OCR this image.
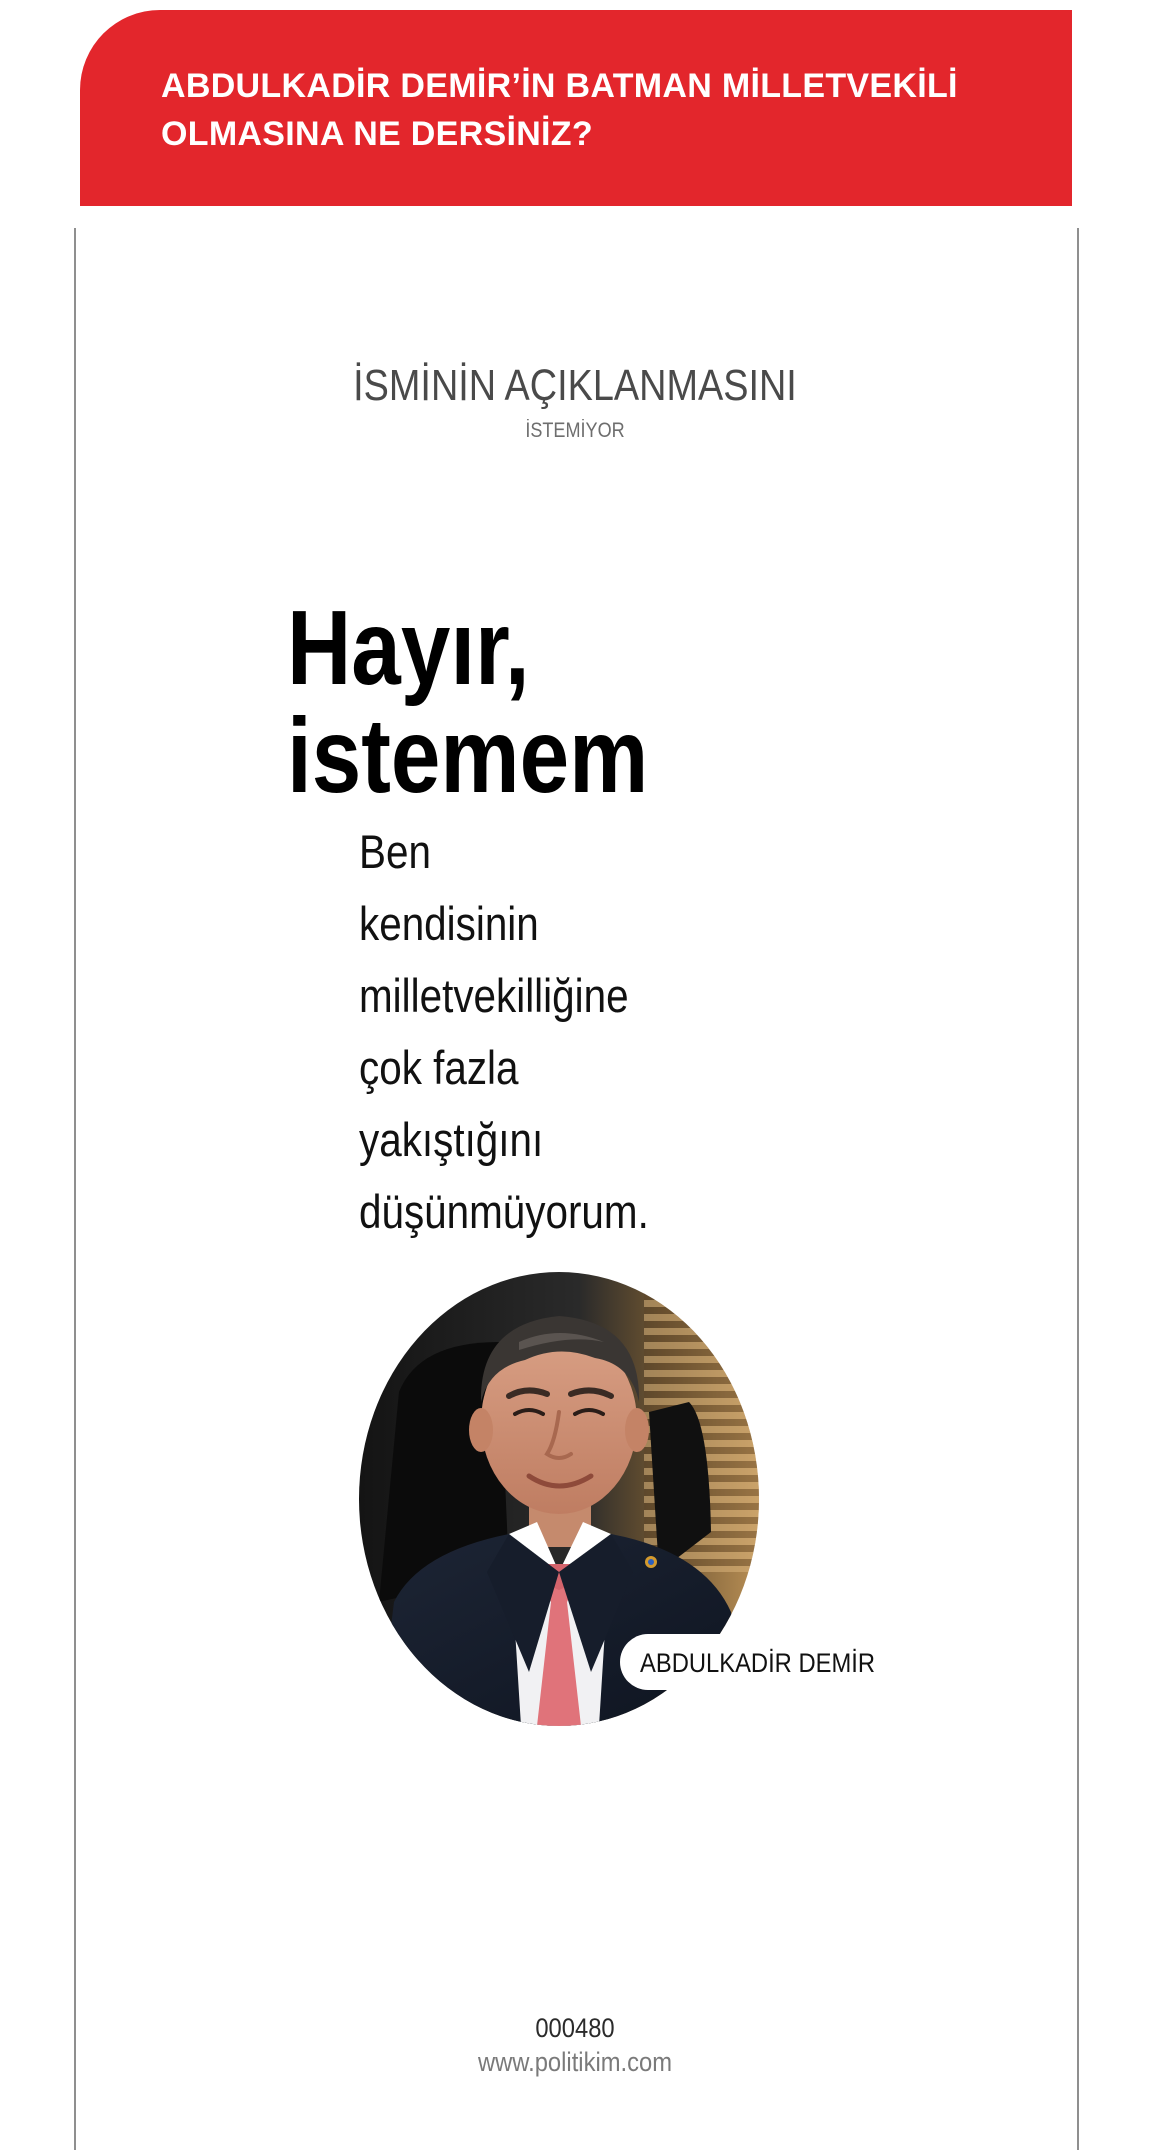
ABDULKADİR DEMİR’İN BATMAN MİLLETVEKİLİ
OLMASINA NE DERSİNİZ?
İSMİNİN AÇIKLANMASINI
İSTEMİYOR
Hayır,
istemem

Ben
kendisinin
milletvekilliğine
çok fazla
yakıştığını
düşünmüyorum.

ABDULKADİR DEMİR
000480
www.politikim.com
